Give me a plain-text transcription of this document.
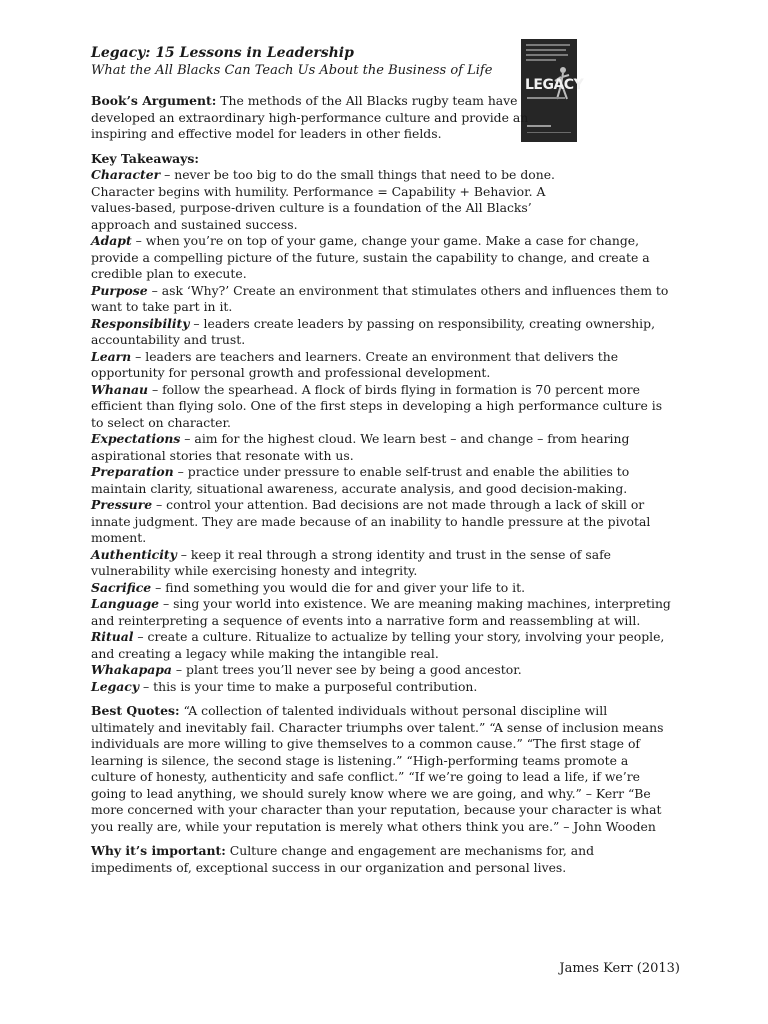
LEGACY
Legacy: 15 Lessons in Leadership
What the All Blacks Can Teach Us About the Business of Life

Book’s Argument: The methods of the All Blacks rugby team have developed an extraordinary high-performance culture and provide an inspiring and effective model for leaders in other fields.

Key Takeaways:

Character – never be too big to do the small things that need to be done. Character begins with humility. Performance = Capability + Behavior. A values-based, purpose-driven culture is a foundation of the All Blacks’ approach and sustained success.

Adapt – when you’re on top of your game, change your game. Make a case for change, provide a compelling picture of the future, sustain the capability to change, and create a credible plan to execute.

Purpose – ask ‘Why?’ Create an environment that stimulates others and influences them to want to take part in it.

Responsibility – leaders create leaders by passing on responsibility, creating ownership, accountability and trust.

Learn – leaders are teachers and learners. Create an environment that delivers the opportunity for personal growth and professional development.

Whanau – follow the spearhead. A flock of birds flying in formation is 70 percent more efficient than flying solo. One of the first steps in developing a high performance culture is to select on character.

Expectations – aim for the highest cloud. We learn best – and change – from hearing aspirational stories that resonate with us.

Preparation – practice under pressure to enable self-trust and enable the abilities to maintain clarity, situational awareness, accurate analysis, and good decision-making.

Pressure – control your attention. Bad decisions are not made through a lack of skill or innate judgment. They are made because of an inability to handle pressure at the pivotal moment.

Authenticity – keep it real through a strong identity and trust in the sense of safe vulnerability while exercising honesty and integrity.

Sacrifice – find something you would die for and giver your life to it.

Language – sing your world into existence. We are meaning making machines, interpreting and reinterpreting a sequence of events into a narrative form and reassembling at will.

Ritual – create a culture. Ritualize to actualize by telling your story, involving your people, and creating a legacy while making the intangible real.

Whakapapa – plant trees you’ll never see by being a good ancestor.

Legacy – this is your time to make a purposeful contribution.

Best Quotes: “A collection of talented individuals without personal discipline will ultimately and inevitably fail. Character triumphs over talent.” “A sense of inclusion means individuals are more willing to give themselves to a common cause.” “The first stage of learning is silence, the second stage is listening.” “High-performing teams promote a culture of honesty, authenticity and safe conflict.” “If we’re going to lead a life, if we’re going to lead anything, we should surely know where we are going, and why.” – Kerr “Be more concerned with your character than your reputation, because your character is what you really are, while your reputation is merely what others think you are.” – John Wooden

Why it’s important: Culture change and engagement are mechanisms for, and impediments of, exceptional success in our organization and personal lives.

James Kerr (2013)
